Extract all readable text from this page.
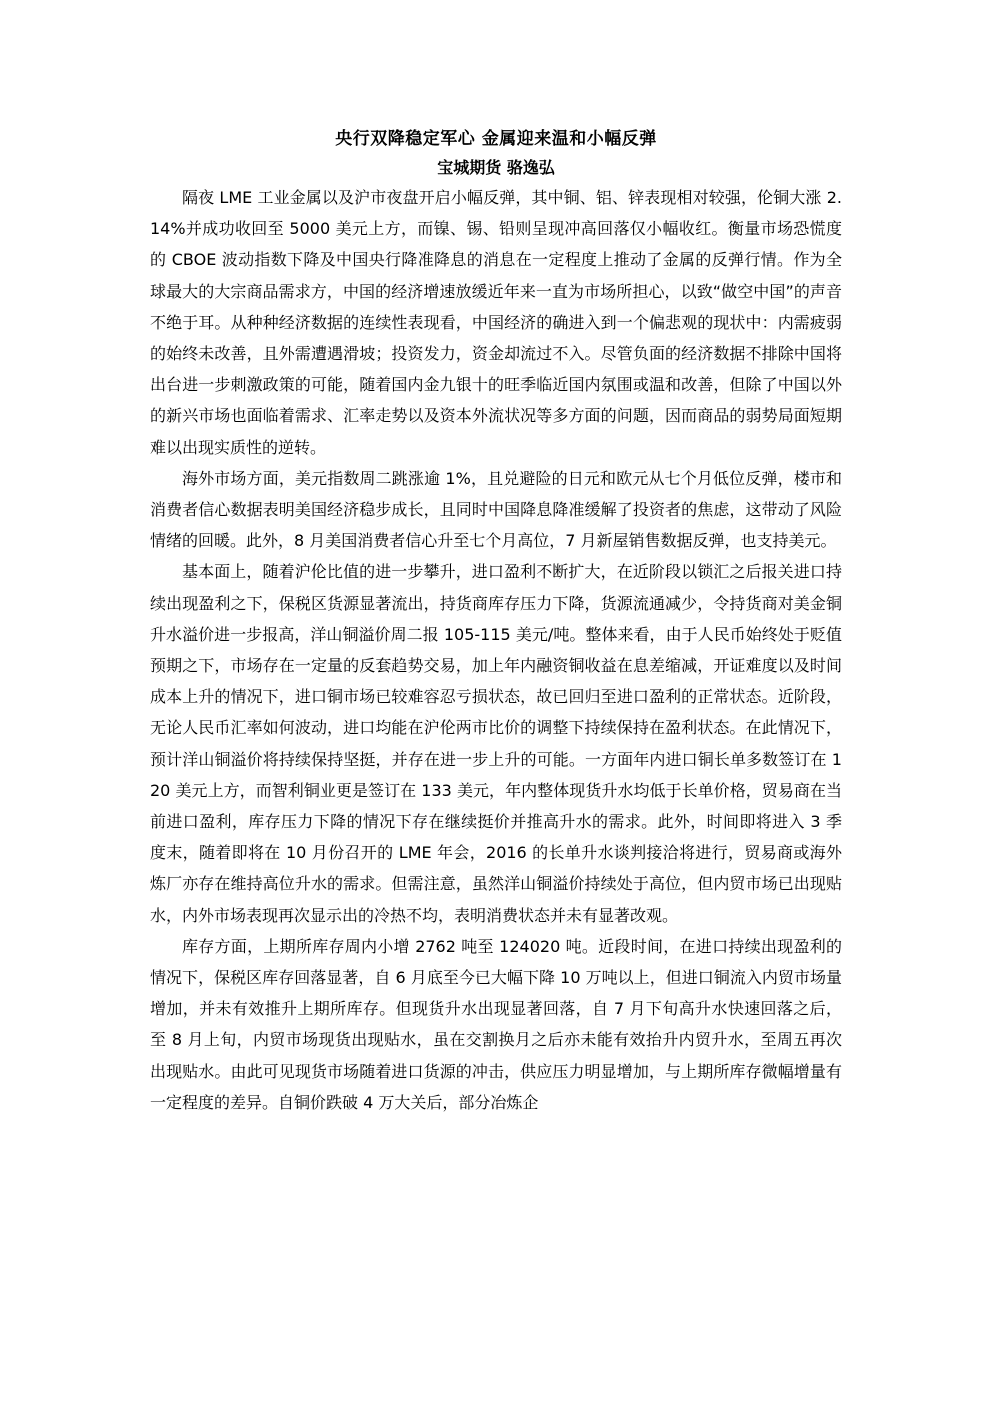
央行双降稳定军心 金属迎来温和小幅反弹

宝城期货 骆逸弘

隔夜 LME 工业金属以及沪市夜盘开启小幅反弹，其中铜、铝、锌表现相对较强，伦铜大涨 2.14%并成功收回至 5000 美元上方，而镍、锡、铅则呈现冲高回落仅小幅收红。衡量市场恐慌度的 CBOE 波动指数下降及中国央行降准降息的消息在一定程度上推动了金属的反弹行情。作为全球最大的大宗商品需求方，中国的经济增速放缓近年来一直为市场所担心，以致“做空中国”的声音不绝于耳。从种种经济数据的连续性表现看，中国经济的确进入到一个偏悲观的现状中：内需疲弱的始终未改善，且外需遭遇滑坡；投资发力，资金却流过不入。尽管负面的经济数据不排除中国将出台进一步刺激政策的可能，随着国内金九银十的旺季临近国内氛围或温和改善，但除了中国以外的新兴市场也面临着需求、汇率走势以及资本外流状况等多方面的问题，因而商品的弱势局面短期难以出现实质性的逆转。

海外市场方面，美元指数周二跳涨逾 1%，且兑避险的日元和欧元从七个月低位反弹，楼市和消费者信心数据表明美国经济稳步成长，且同时中国降息降准缓解了投资者的焦虑，这带动了风险情绪的回暖。此外，8 月美国消费者信心升至七个月高位，7 月新屋销售数据反弹，也支持美元。

基本面上，随着沪伦比值的进一步攀升，进口盈利不断扩大，在近阶段以锁汇之后报关进口持续出现盈利之下，保税区货源显著流出，持货商库存压力下降，货源流通减少，令持货商对美金铜升水溢价进一步报高，洋山铜溢价周二报 105-115 美元/吨。整体来看，由于人民币始终处于贬值预期之下，市场存在一定量的反套趋势交易，加上年内融资铜收益在息差缩减，开证难度以及时间成本上升的情况下，进口铜市场已较难容忍亏损状态，故已回归至进口盈利的正常状态。近阶段，无论人民币汇率如何波动，进口均能在沪伦两市比价的调整下持续保持在盈利状态。在此情况下，预计洋山铜溢价将持续保持坚挺，并存在进一步上升的可能。一方面年内进口铜长单多数签订在 120 美元上方，而智利铜业更是签订在 133 美元，年内整体现货升水均低于长单价格，贸易商在当前进口盈利，库存压力下降的情况下存在继续挺价并推高升水的需求。此外，时间即将进入 3 季度末，随着即将在 10 月份召开的 LME 年会，2016 的长单升水谈判接洽将进行，贸易商或海外炼厂亦存在维持高位升水的需求。但需注意，虽然洋山铜溢价持续处于高位，但内贸市场已出现贴水，内外市场表现再次显示出的冷热不均，表明消费状态并未有显著改观。

库存方面，上期所库存周内小增 2762 吨至 124020 吨。近段时间，在进口持续出现盈利的情况下，保税区库存回落显著，自 6 月底至今已大幅下降 10 万吨以上，但进口铜流入内贸市场量增加，并未有效推升上期所库存。但现货升水出现显著回落，自 7 月下旬高升水快速回落之后，至 8 月上旬，内贸市场现货出现贴水，虽在交割换月之后亦未能有效抬升内贸升水，至周五再次出现贴水。由此可见现货市场随着进口货源的冲击，供应压力明显增加，与上期所库存微幅增量有一定程度的差异。自铜价跌破 4 万大关后，部分冶炼企
